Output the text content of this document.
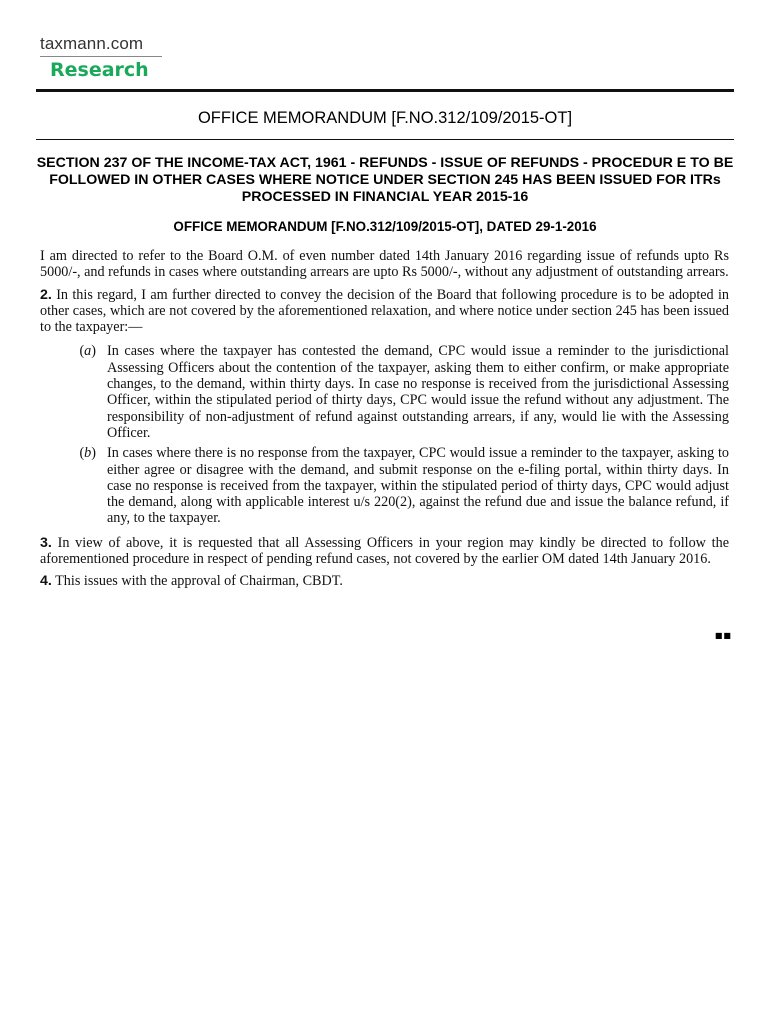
taxmann.com
Research
OFFICE MEMORANDUM [F.NO.312/109/2015-OT]
SECTION 237 OF THE INCOME-TAX ACT, 1961 - REFUNDS - ISSUE OF REFUNDS - PROCEDUR E TO BE FOLLOWED IN OTHER CASES WHERE NOTICE UNDER SECTION 245 HAS BEEN ISSUED FOR ITRs PROCESSED IN FINANCIAL YEAR 2015-16
OFFICE MEMORANDUM [F.NO.312/109/2015-OT], DATED 29-1-2016

I am directed to refer to the Board O.M. of even number dated 14th January 2016 regarding issue of refunds upto Rs 5000/-, and refunds in cases where outstanding arrears are upto Rs 5000/-, without any adjustment of outstanding arrears.

2. In this regard, I am further directed to convey the decision of the Board that following procedure is to be adopted in other cases, which are not covered by the aforementioned relaxation, and where notice under section 245 has been issued to the taxpayer:—

(a) In cases where the taxpayer has contested the demand, CPC would issue a reminder to the jurisdictional Assessing Officers about the contention of the taxpayer, asking them to either confirm, or make appropriate changes, to the demand, within thirty days. In case no response is received from the jurisdictional Assessing Officer, within the stipulated period of thirty days, CPC would issue the refund without any adjustment. The responsibility of non-adjustment of refund against outstanding arrears, if any, would lie with the Assessing Officer.
(b) In cases where there is no response from the taxpayer, CPC would issue a reminder to the taxpayer, asking to either agree or disagree with the demand, and submit response on the e-filing portal, within thirty days. In case no response is received from the taxpayer, within the stipulated period of thirty days, CPC would adjust the demand, along with applicable interest u/s 220(2), against the refund due and issue the balance refund, if any, to the taxpayer.

3. In view of above, it is requested that all Assessing Officers in your region may kindly be directed to follow the aforementioned procedure in respect of pending refund cases, not covered by the earlier OM dated 14th January 2016.

4. This issues with the approval of Chairman, CBDT.

■■
